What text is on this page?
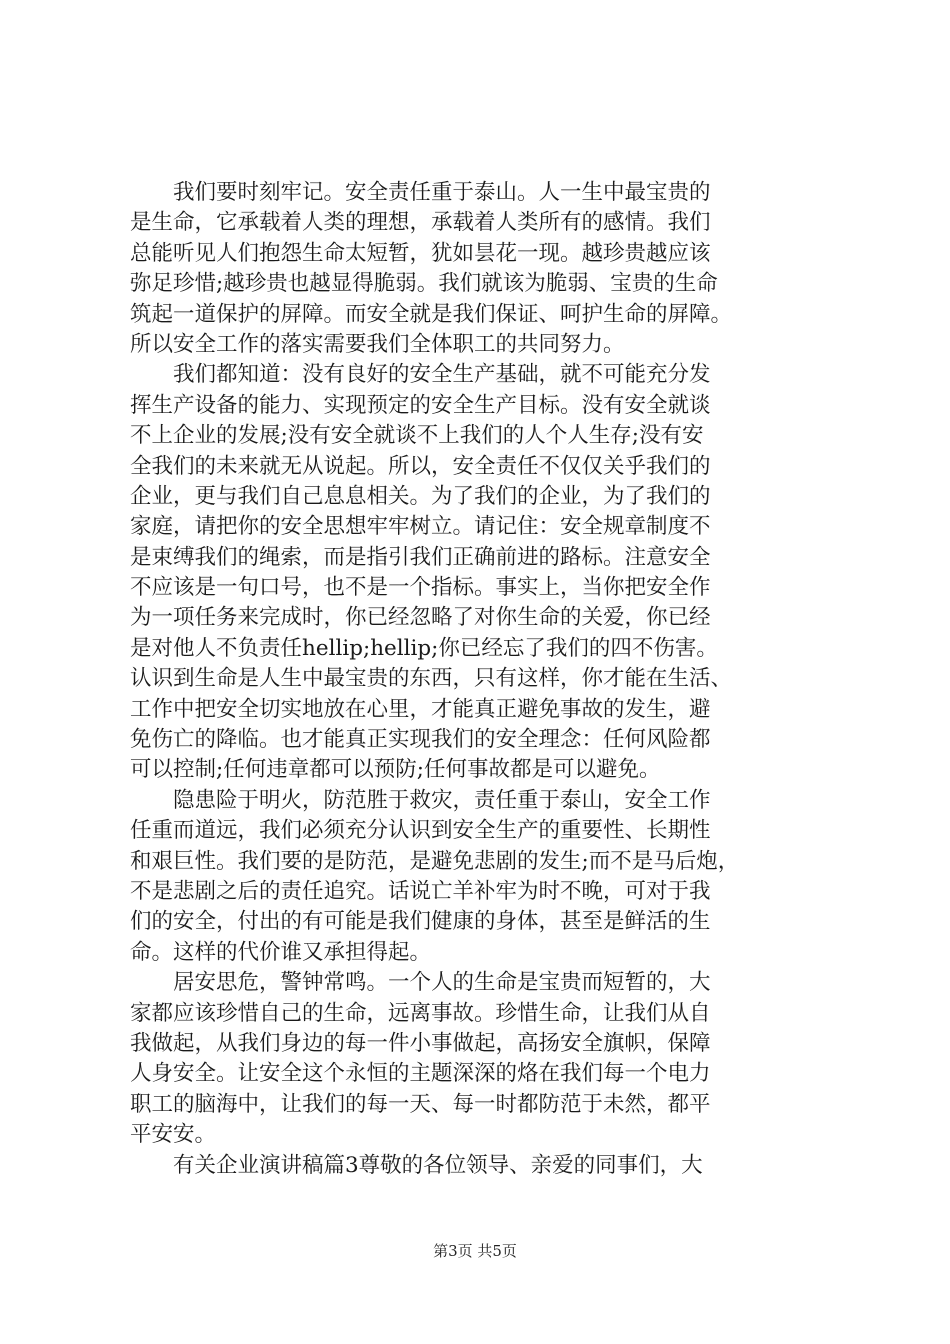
　　我们要时刻牢记。安全责任重于泰山。人一生中最宝贵的
是生命，它承载着人类的理想，承载着人类所有的感情。我们
总能听见人们抱怨生命太短暂，犹如昙花一现。越珍贵越应该
弥足珍惜;越珍贵也越显得脆弱。我们就该为脆弱、宝贵的生命
筑起一道保护的屏障。而安全就是我们保证、呵护生命的屏障。
所以安全工作的落实需要我们全体职工的共同努力。
　　我们都知道：没有良好的安全生产基础，就不可能充分发
挥生产设备的能力、实现预定的安全生产目标。没有安全就谈
不上企业的发展;没有安全就谈不上我们的人个人生存;没有安
全我们的未来就无从说起。所以，安全责任不仅仅关乎我们的
企业，更与我们自己息息相关。为了我们的企业，为了我们的
家庭，请把你的安全思想牢牢树立。请记住：安全规章制度不
是束缚我们的绳索，而是指引我们正确前进的路标。注意安全
不应该是一句口号，也不是一个指标。事实上，当你把安全作
为一项任务来完成时，你已经忽略了对你生命的关爱，你已经
是对他人不负责任hellip;hellip;你已经忘了我们的四不伤害。
认识到生命是人生中最宝贵的东西，只有这样，你才能在生活、
工作中把安全切实地放在心里，才能真正避免事故的发生，避
免伤亡的降临。也才能真正实现我们的安全理念：任何风险都
可以控制;任何违章都可以预防;任何事故都是可以避免。
　　隐患险于明火，防范胜于救灾，责任重于泰山，安全工作
任重而道远，我们必须充分认识到安全生产的重要性、长期性
和艰巨性。我们要的是防范，是避免悲剧的发生;而不是马后炮，
不是悲剧之后的责任追究。话说亡羊补牢为时不晚，可对于我
们的安全，付出的有可能是我们健康的身体，甚至是鲜活的生
命。这样的代价谁又承担得起。
　　居安思危，警钟常鸣。一个人的生命是宝贵而短暂的，大
家都应该珍惜自己的生命，远离事故。珍惜生命，让我们从自
我做起，从我们身边的每一件小事做起，高扬安全旗帜，保障
人身安全。让安全这个永恒的主题深深的烙在我们每一个电力
职工的脑海中，让我们的每一天、每一时都防范于未然，都平
平安安。
　　有关企业演讲稿篇3尊敬的各位领导、亲爱的同事们，大
第3页 共5页
